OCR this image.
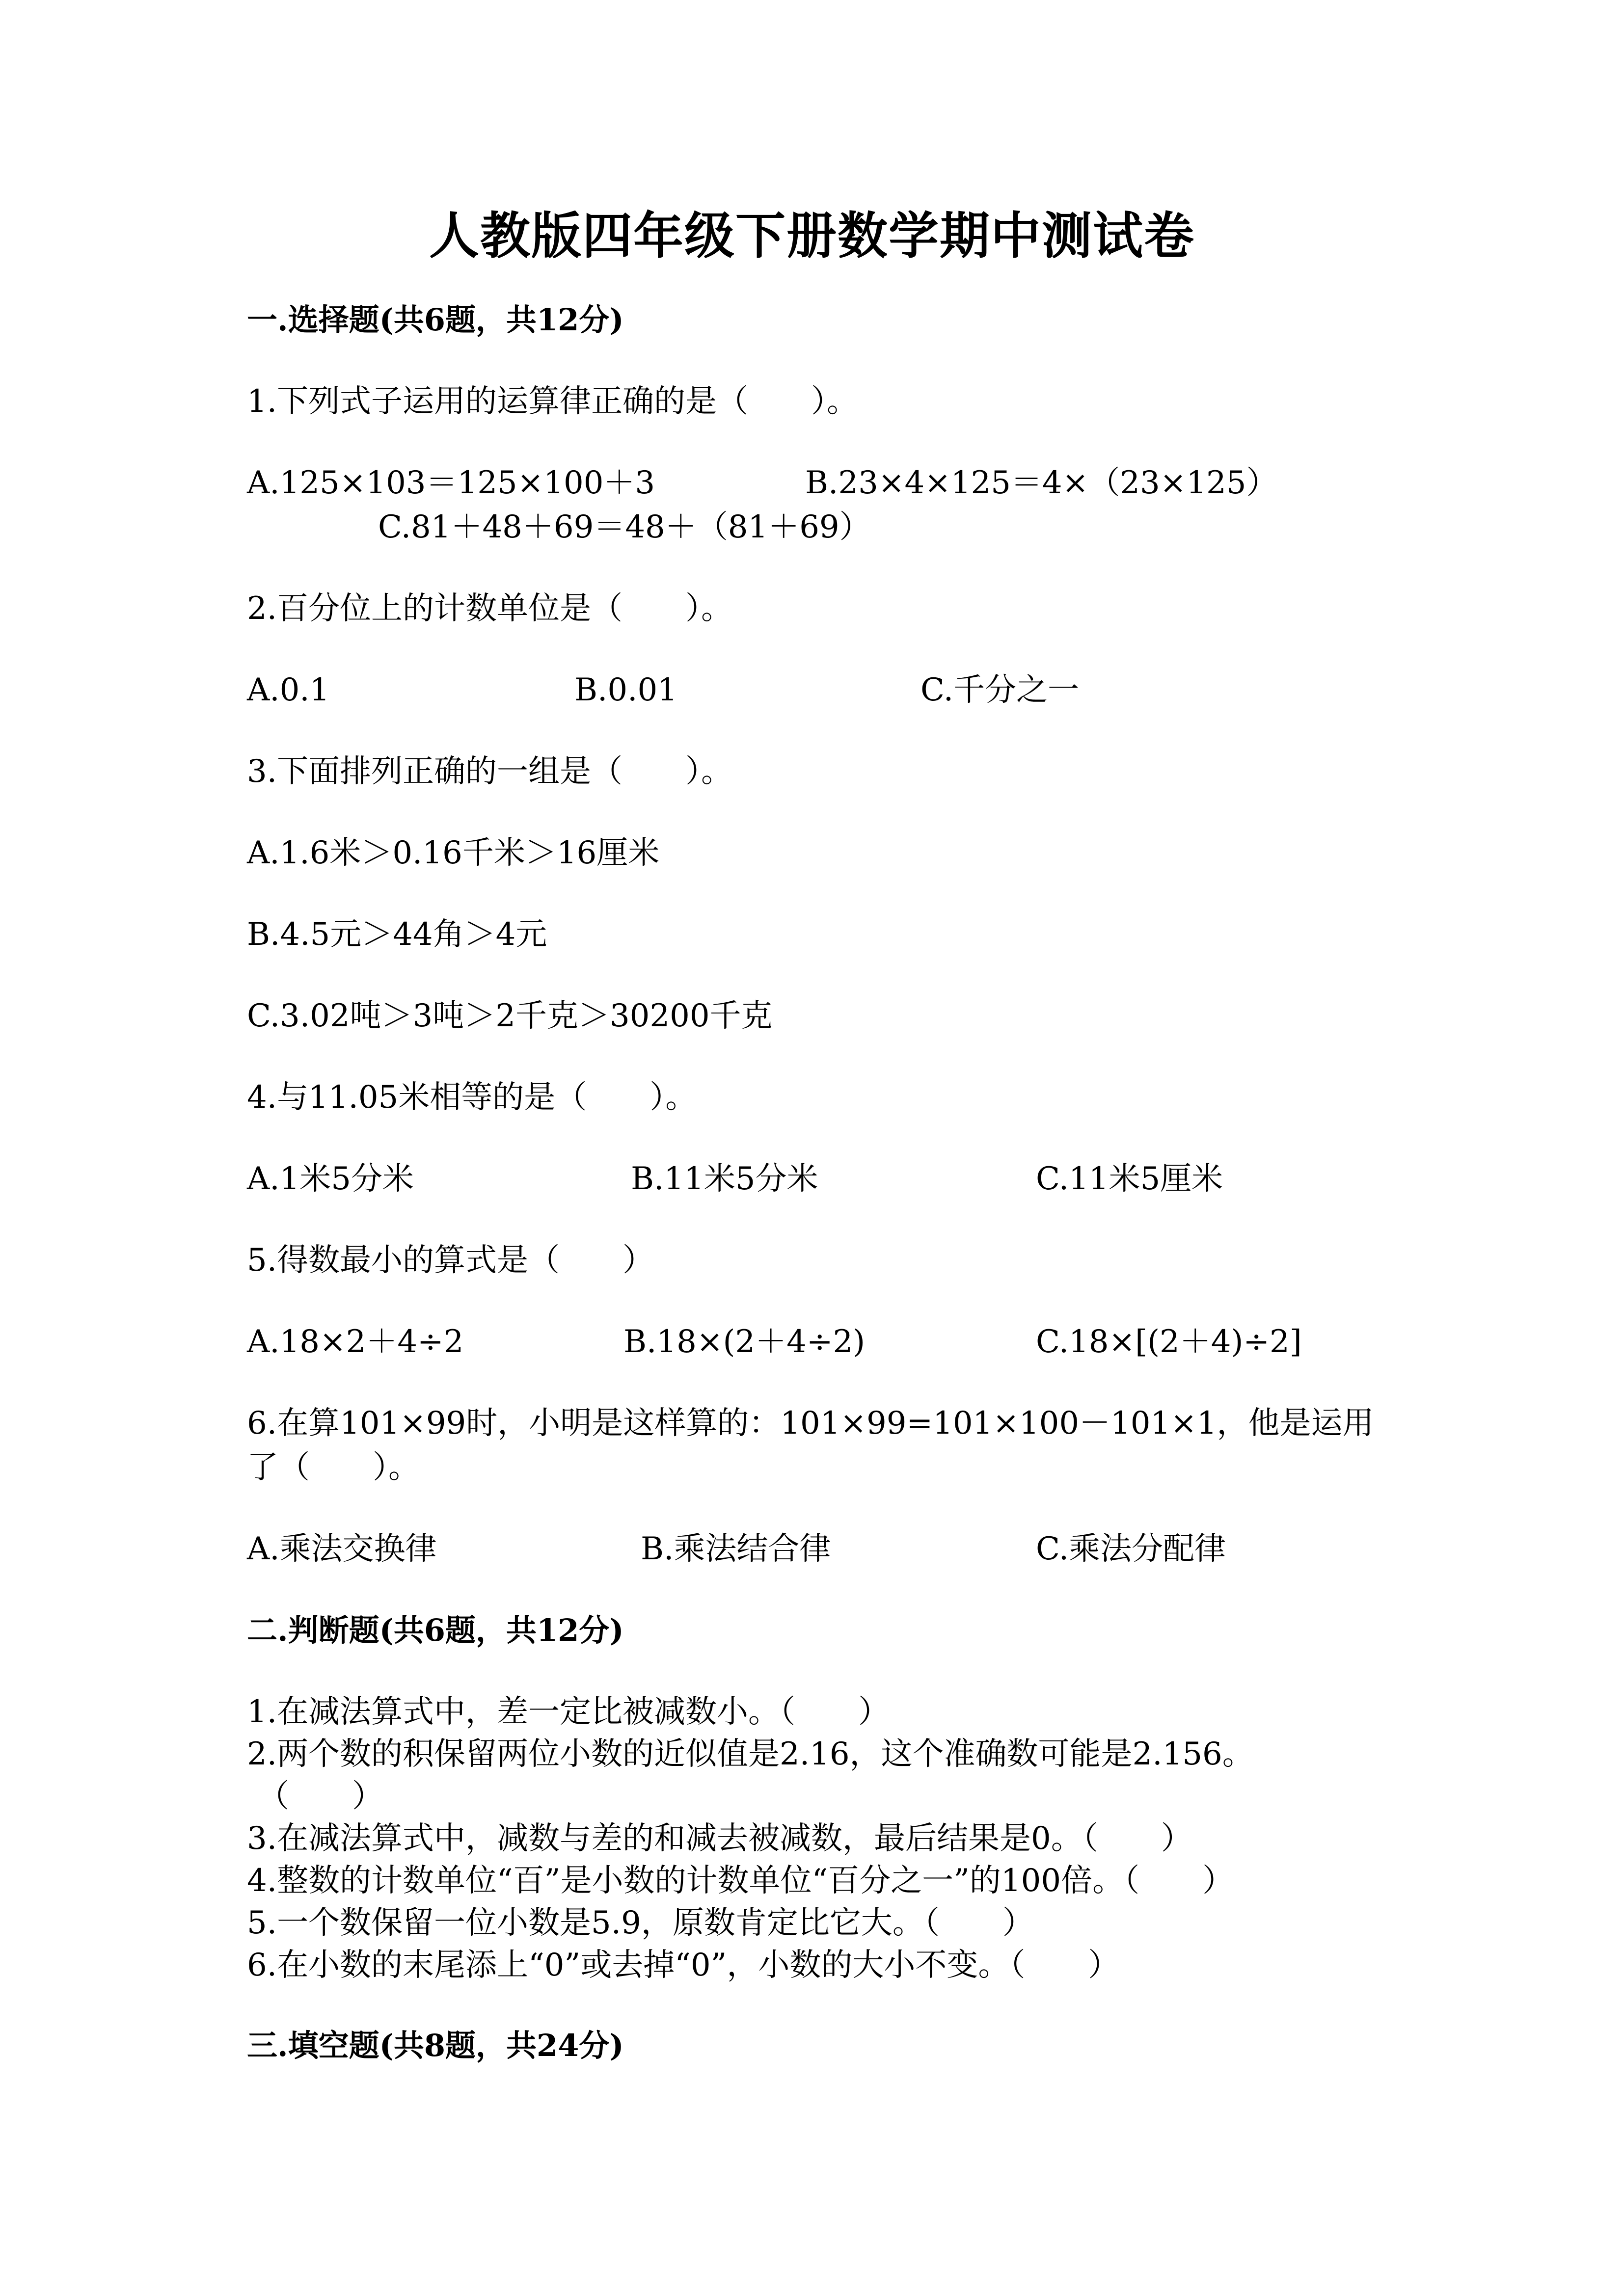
人教版四年级下册数学期中测试卷
一.选择题(共6题，共12分)
1.下列式子运用的运算律正确的是（　　）。
A.125×103＝125×100＋3	B.23×4×125＝4×（23×125）
C.81＋48＋69＝48＋（81＋69）
2.百分位上的计数单位是（　　）。
A.0.1	B.0.01	C.千分之一
3.下面排列正确的一组是（　　）。
A.1.6米＞0.16千米＞16厘米
B.4.5元＞44角＞4元
C.3.02吨＞3吨＞2千克＞30200千克
4.与11.05米相等的是（　　）。
A.1米5分米	B.11米5分米	C.11米5厘米
5.得数最小的算式是（　　）
A.18×2＋4÷2	B.18×(2＋4÷2)	C.18×[(2＋4)÷2]
6.在算101×99时，小明是这样算的：101×99=101×100－101×1，他是运用
了（　　）。
A.乘法交换律	B.乘法结合律	C.乘法分配律
二.判断题(共6题，共12分)
1.在减法算式中，差一定比被减数小。（　　）
2.两个数的积保留两位小数的近似值是2.16，这个准确数可能是2.156。
（　　）
3.在减法算式中，减数与差的和减去被减数，最后结果是0。（　　）
4.整数的计数单位“百”是小数的计数单位“百分之一”的100倍。（　　）
5.一个数保留一位小数是5.9，原数肯定比它大。（　　）
6.在小数的末尾添上“0”或去掉“0”，小数的大小不变。（　　）
三.填空题(共8题，共24分)
